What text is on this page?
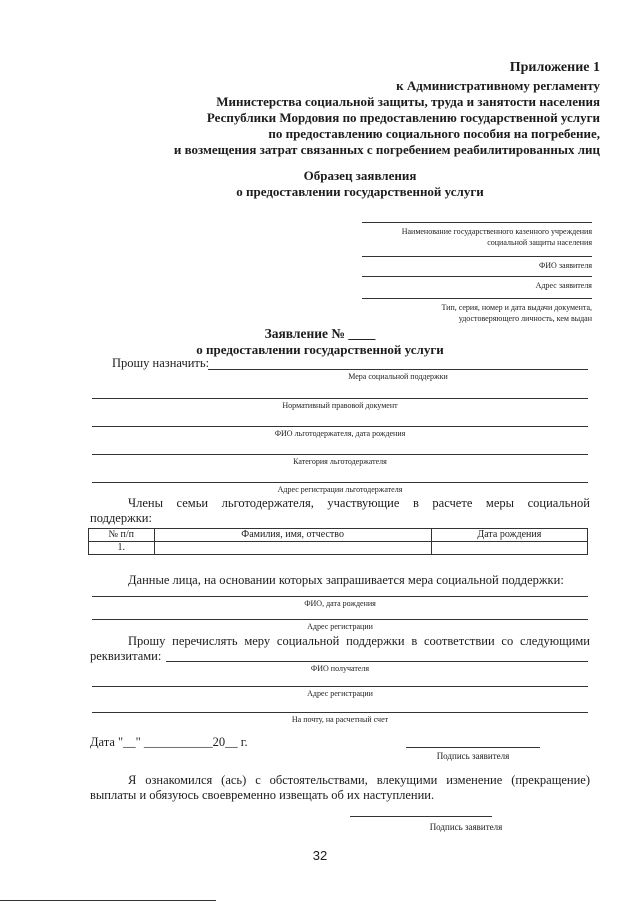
Приложение 1
к Административному регламенту
Министерства социальной защиты, труда и занятости населения
Республики Мордовия по предоставлению государственной услуги
по предоставлению социального пособия на погребение,
и возмещения затрат связанных с погребением реабилитированных лиц
Образец заявления
о предоставлении государственной услуги
Наименование государственного казенного учреждения
социальной защиты населения
ФИО заявителя
Адрес заявителя
Тип, серия, номер и дата выдачи документа,
удостоверяющего личность, кем выдан
Заявление № ____
о предоставлении государственной услуги
Прошу назначить:
Мера социальной поддержки
Нормативный правовой документ
ФИО льготодержателя, дата рождения
Категория льготодержателя
Адрес регистрации льготодержателя
Члены семьи льготодержателя, участвующие в расчете меры социальной
поддержки:
№ п/п	Фамилия, имя, отчество	Дата рождения
1.		
Данные лица, на основании которых запрашивается мера социальной поддержки:
ФИО, дата рождения
Адрес регистрации
Прошу перечислять меру социальной поддержки в соответствии со следующими
реквизитами:
ФИО получателя
Адрес регистрации
На почту, на расчетный счет
Дата "__" ___________20__ г.
Подпись заявителя
Я ознакомился (ась) с обстоятельствами, влекущими изменение (прекращение)
выплаты и обязуюсь своевременно извещать об их наступлении.
Подпись заявителя
32
